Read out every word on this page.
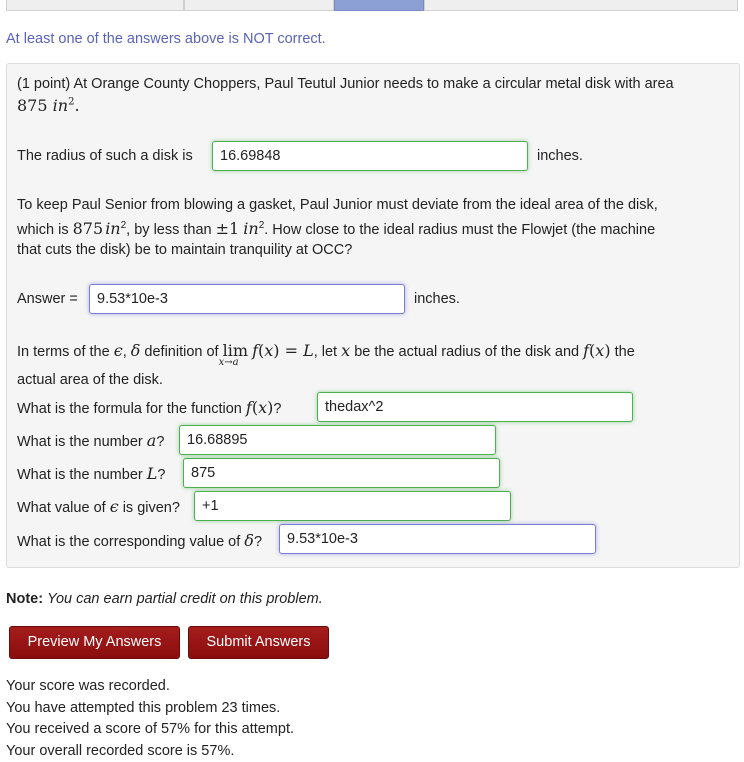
At least one of the answers above is NOT correct.
(1 point) At Orange County Choppers, Paul Teutul Junior needs to make a circular metal disk with area
875 $in^2$.
The radius of such a disk is	16.69848	inches.
To keep Paul Senior from blowing a gasket, Paul Junior must deviate from the ideal area of the disk,
which is 875 $in^2$, by less than ±1 $in^2$. How close to the ideal radius must the Flowjet (the machine
that cuts the disk) be to maintain tranquility at OCC?
Answer =	9.53*10e-3	inches.
In terms of the ϵ, δ definition of lim
x→a
f(x) = L, let x be the actual radius of the disk and f(x) the
actual area of the disk.
What is the formula for the function f(x)?	thedax^2
What is the number a?	16.68895
What is the number L?	875
What value of ϵ is given?	+1
What is the corresponding value of δ?	9.53*10e-3
Note: You can earn partial credit on this problem.
Preview My Answers	Submit Answers
Your score was recorded.
You have attempted this problem 23 times.
You received a score of 57% for this attempt.
Your overall recorded score is 57%.
